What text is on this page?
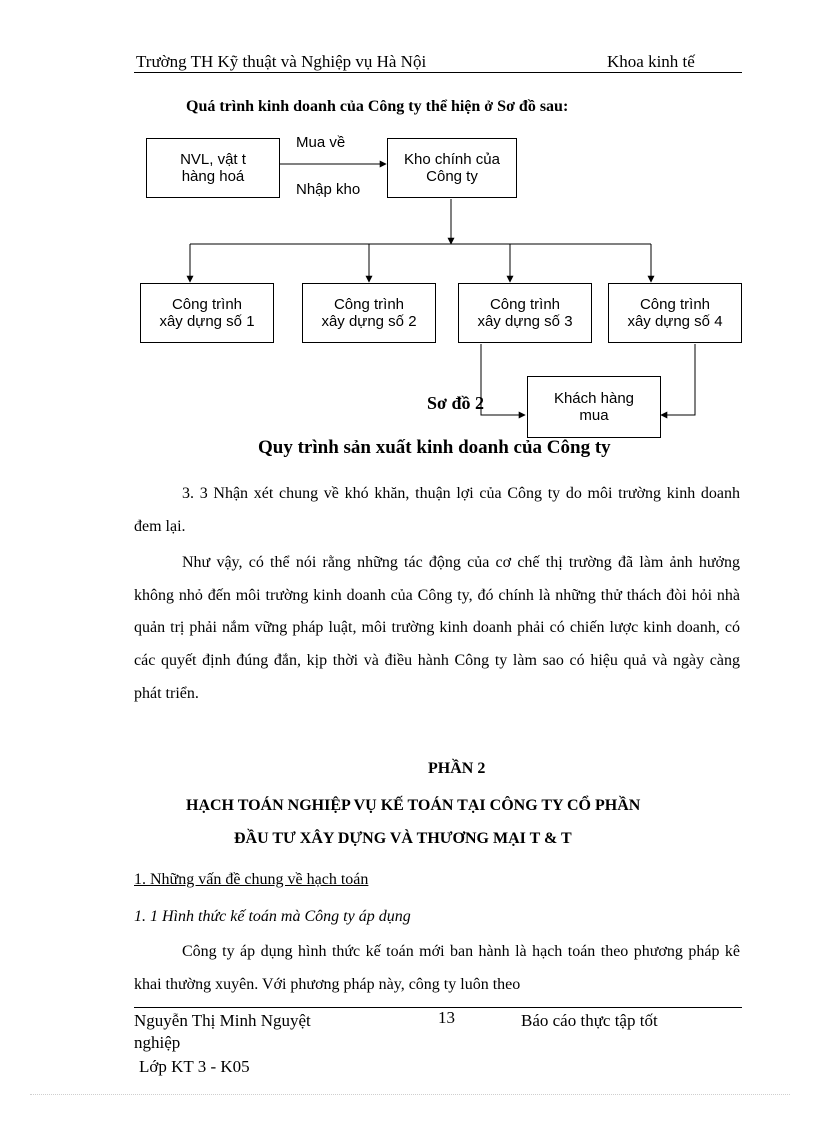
Trường TH Kỹ thuật và Nghiệp vụ Hà Nội	Khoa kinh tế
Quá trình kinh doanh của Công ty thể hiện ở Sơ đồ sau:
NVL, vật t
hàng hoá
Kho chính của
Công ty
Mua về
Nhập kho
Công trình
xây dựng số 1
Công trình
xây dựng số 2
Công trình
xây dựng số 3
Công trình
xây dựng số 4
Khách hàng
mua
Sơ đồ 2
Quy trình sản xuất kinh doanh của Công ty
3. 3 Nhận xét chung về khó khăn, thuận lợi của Công ty do môi trường kinh doanh đem lại.
Như vậy, có thể nói rằng những tác động của cơ chế thị trường đã làm ảnh hưởng không nhỏ đến môi trường kinh doanh của Công ty, đó chính là những thử thách đòi hỏi nhà quản trị phải nắm vững pháp luật, môi trường kinh doanh phải có chiến lược kinh doanh, có các quyết định đúng đắn, kịp thời và điều hành Công ty làm sao có hiệu quả và ngày càng phát triển.
PHẦN 2
HẠCH TOÁN NGHIỆP VỤ KẾ TOÁN TẠI CÔNG TY CỔ PHẦN
ĐẦU TƯ XÂY DỰNG VÀ THƯƠNG MẠI T & T
1. Những vấn đề chung về hạch toán
1. 1 Hình thức kế toán mà Công ty áp dụng
Công ty áp dụng hình thức kế toán mới ban hành là hạch toán theo phương pháp kê khai thường xuyên. Với phương pháp này, công ty luôn theo
Nguyễn Thị Minh Nguyệt	13	Báo cáo thực tập tốt
nghiệp
Lớp KT 3 - K05
